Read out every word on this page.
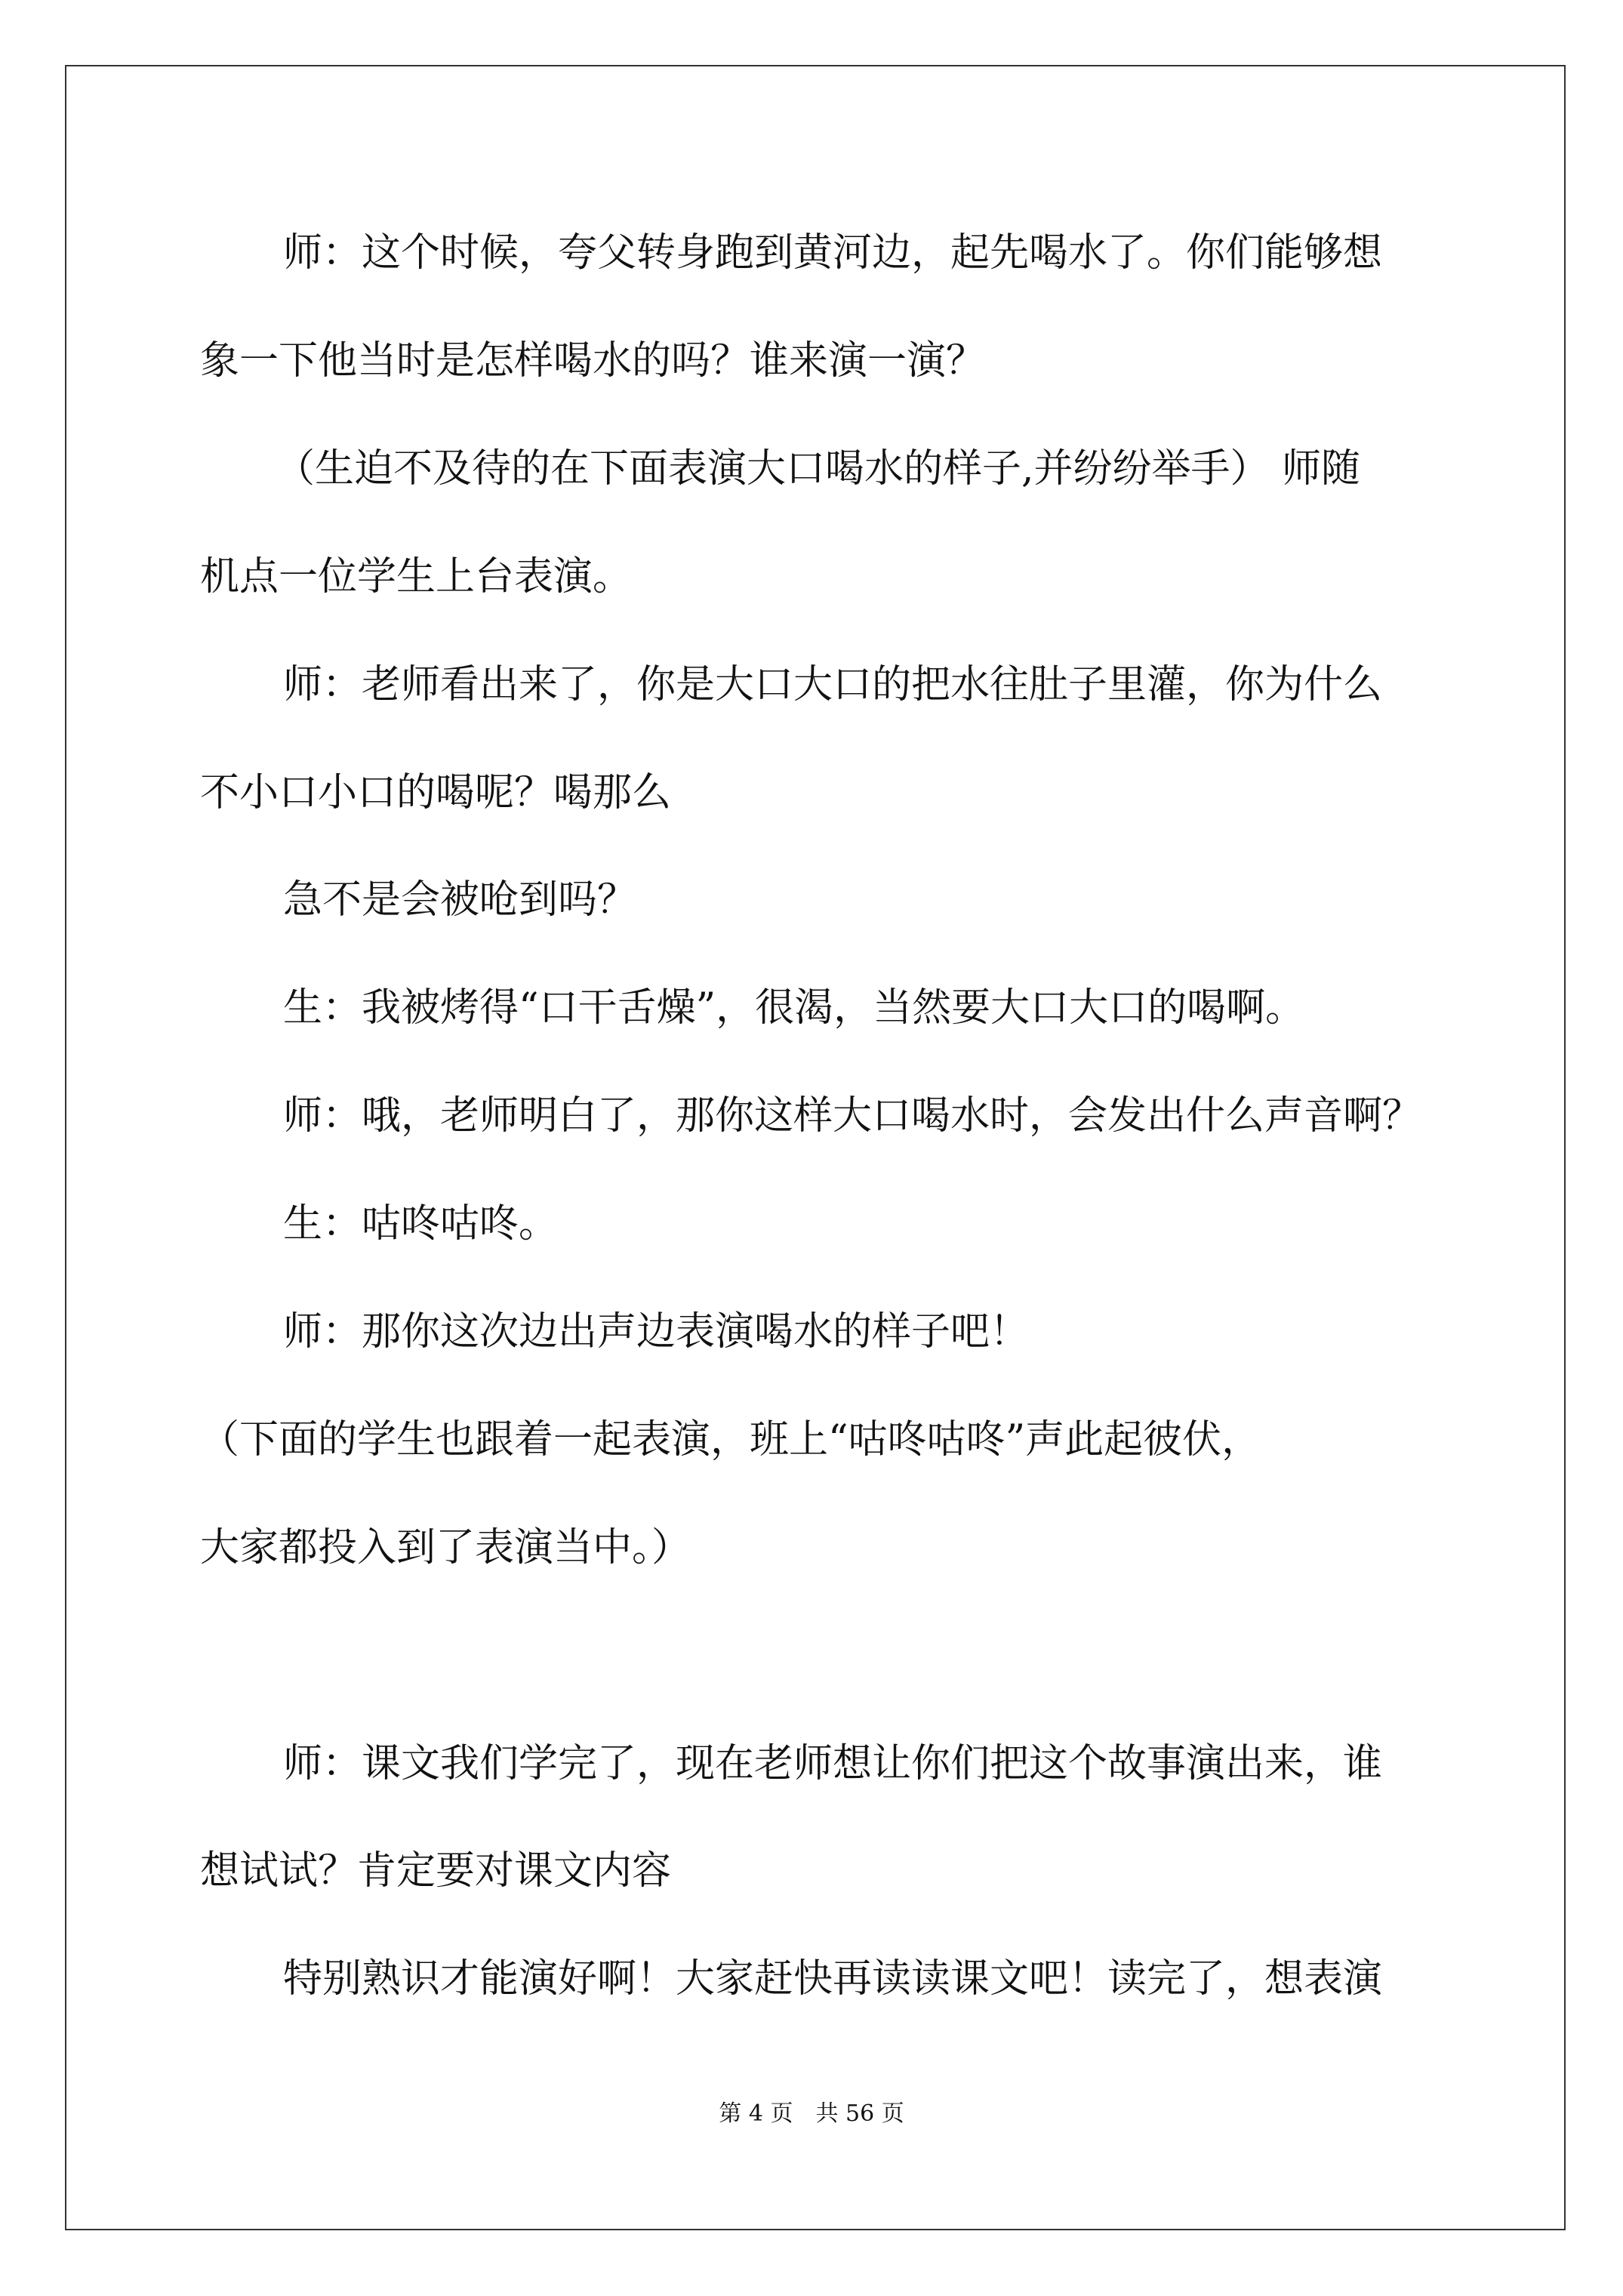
师：这个时候，夸父转身跑到黄河边，起先喝水了。你们能够想

象一下他当时是怎样喝水的吗？谁来演一演？

（生迫不及待的在下面表演大口喝水的样子,并纷纷举手） 师随

机点一位学生上台表演。

师：老师看出来了，你是大口大口的把水往肚子里灌，你为什么

不小口小口的喝呢？喝那么

急不是会被呛到吗？

生：我被烤得“口干舌燥”，很渴，当然要大口大口的喝啊。

师：哦，老师明白了，那你这样大口喝水时，会发出什么声音啊？

生：咕咚咕咚。

师：那你这次边出声边表演喝水的样子吧！

（下面的学生也跟着一起表演，班上“咕咚咕咚”声此起彼伏，

大家都投入到了表演当中。）

师：课文我们学完了，现在老师想让你们把这个故事演出来，谁

想试试？肯定要对课文内容

特别熟识才能演好啊！大家赶快再读读课文吧！读完了，想表演

第 4 页　共 56 页
